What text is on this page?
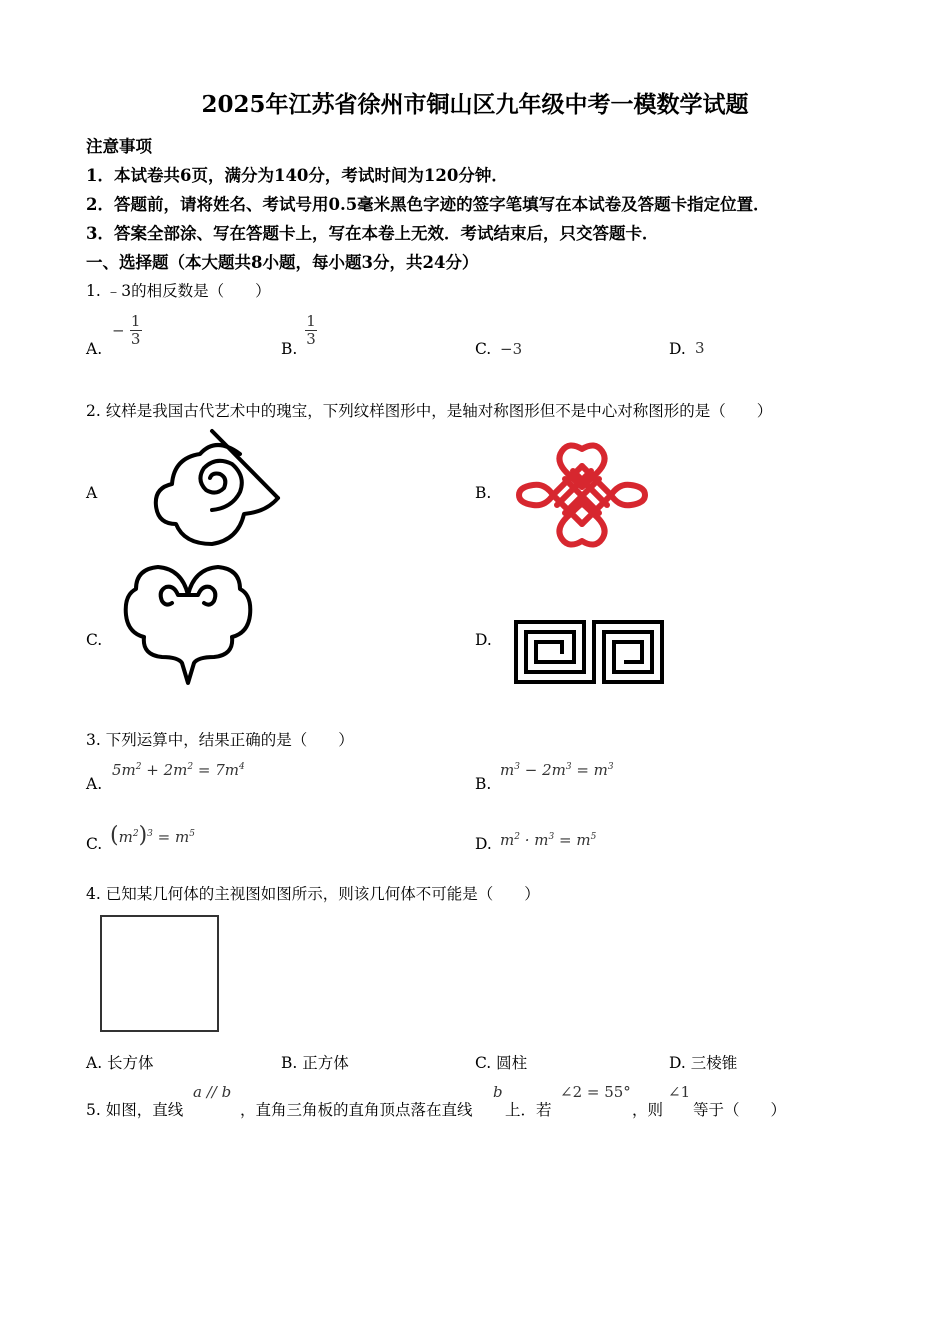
2025年江苏省徐州市铜山区九年级中考一模数学试题
注意事项
1．本试卷共6页，满分为140分，考试时间为120分钟．
2．答题前，请将姓名、考试号用0.5毫米黑色字迹的签字笔填写在本试卷及答题卡指定位置．
3．答案全部涂、写在答题卡上，写在本卷上无效．考试结束后，只交答题卡．
一、选择题（本大题共8小题，每小题3分，共24分）
1. ﹣3的相反数是（　　）
A.
− $\frac{1}{3}$
B.
$\frac{1}{3}$
C. −3	D. 3
2. 纹样是我国古代艺术中的瑰宝，下列纹样图形中，是轴对称图形但不是中心对称图形的是（　　）
A	B.
C.	D.
3. 下列运算中，结果正确的是（　　）
A.
$5m^2 + 2m^2 = 7m^4$
B.
$m^3 - 2m^3 = m^3$
C. $(m^2)^3 = m^5$
D. $m^2 \cdot m^3 = m^5$
4. 已知某几何体的主视图如图所示，则该几何体不可能是（　　）
A. 长方体	B. 正方体	C. 圆柱	D. 三棱锥
5. 如图，直线
a // b
，直角三角板的直角顶点落在直线
b
上．若
∠2 = 55°
，则
∠1
等于（　　）
